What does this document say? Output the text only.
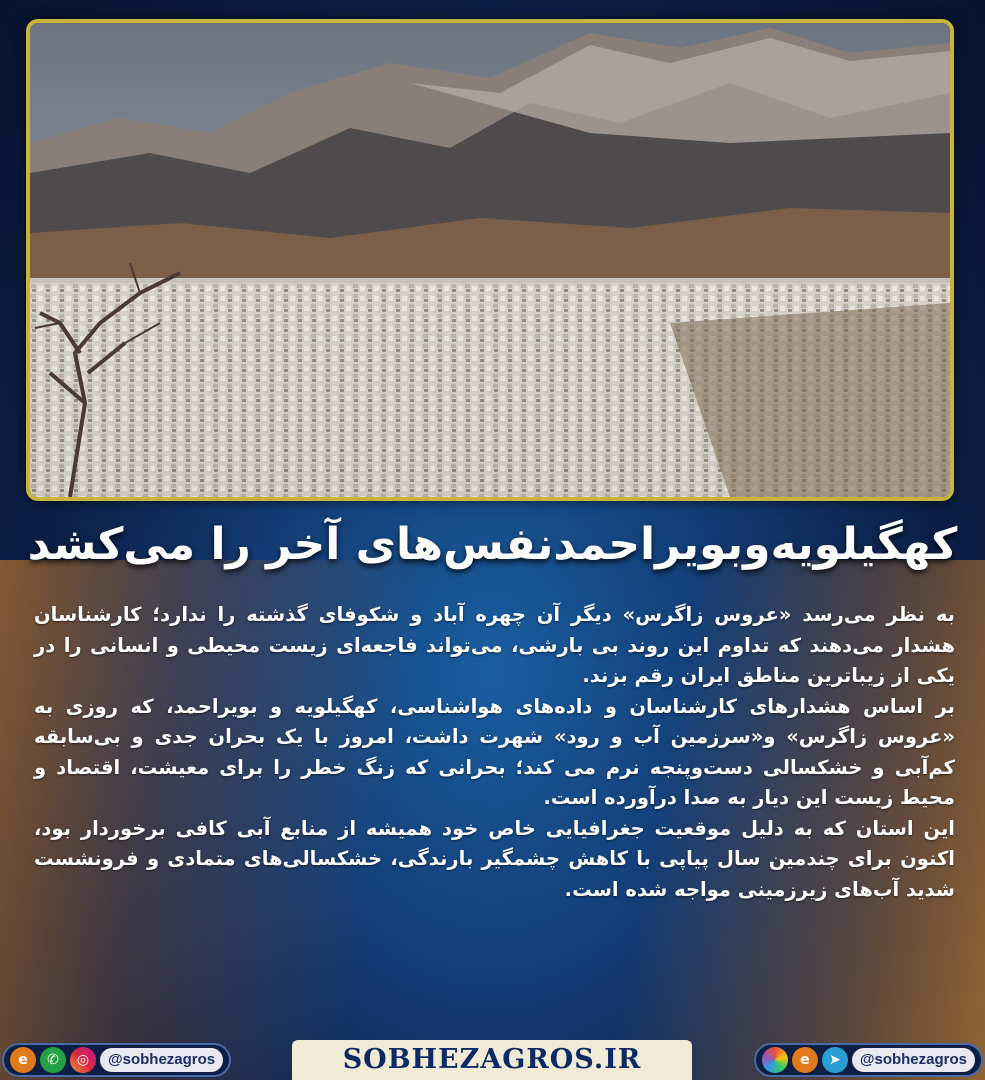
کهگیلویه‌وبویراحمدنفس‌های آخر را می‌کشد

به نظر می‌رسد «عروس زاگرس» دیگر آن چهره آباد و شکوفای گذشته را ندارد؛ کارشناسان هشدار می‌دهند که تداوم این روند بی بارشی، می‌تواند فاجعه‌ای زیست محیطی و انسانی را در یکی از زیباترین مناطق ایران رقم بزند.

بر اساس هشدارهای کارشناسان و داده‌های هواشناسی، کهگیلویه و بویراحمد، که روزی به «عروس زاگرس» و«سرزمین آب و رود» شهرت داشت، امروز با یک بحران جدی و بی‌سابقه کم‌آبی و خشکسالی دست‌وپنجه نرم می کند؛ بحرانی که زنگ خطر را برای معیشت، اقتصاد و محیط زیست این دیار به صدا درآورده است.

این استان که به دلیل موقعیت جغرافیایی خاص خود همیشه از منابع آبی کافی برخوردار بود، اکنون برای چندمین سال پیاپی با کاهش چشمگیر بارندگی، خشکسالی‌های متمادی و فرونشست شدید آب‌های زیرزمینی مواجه شده است.

e	✆	◎	@sobhezagros	SOBHEZAGROS.IR	e	➤	@sobhezagros
